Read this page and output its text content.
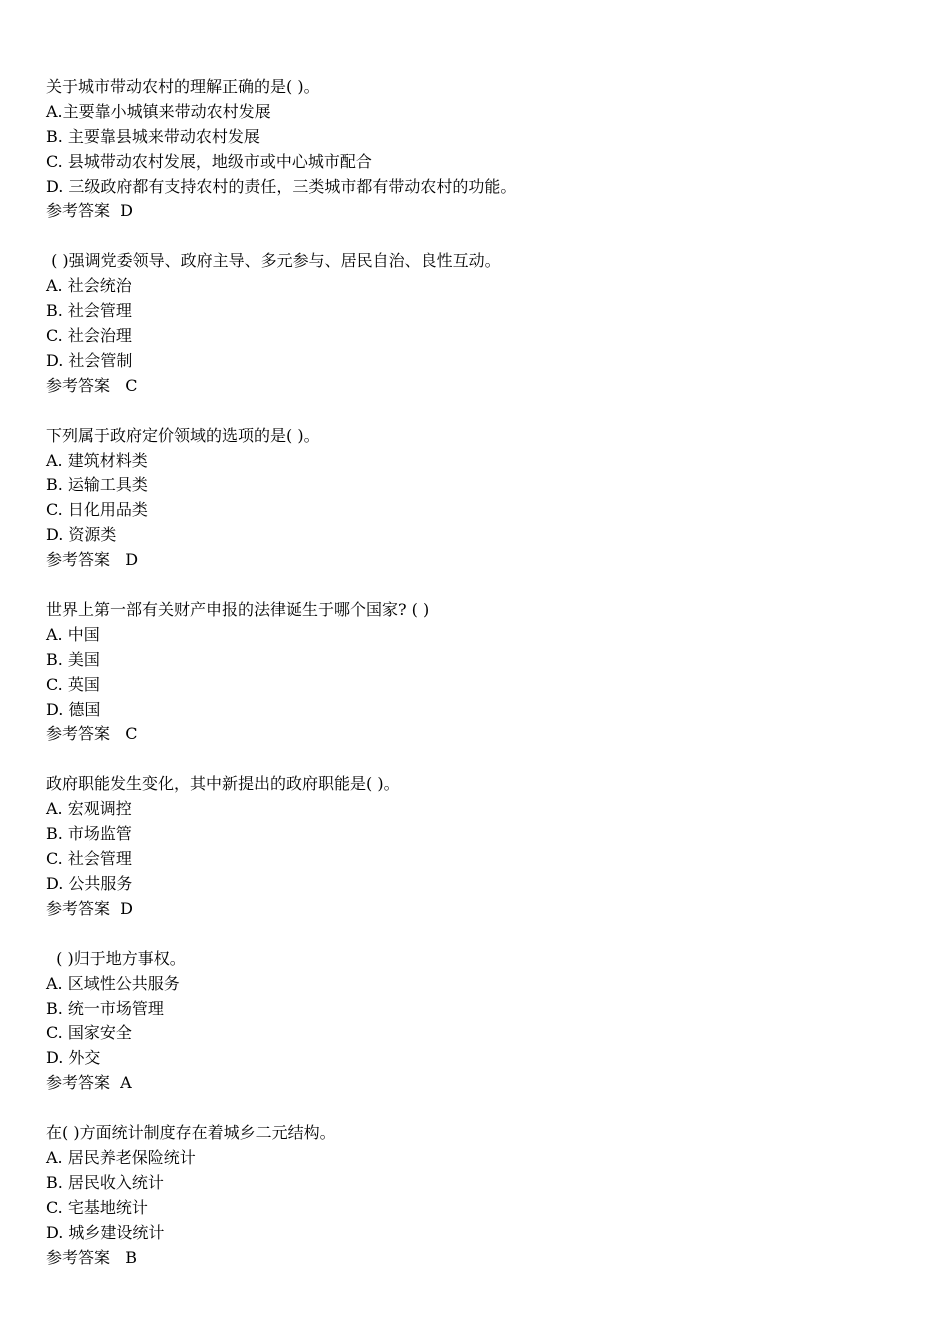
关于城市带动农村的理解正确的是( )。
A.主要靠小城镇来带动农村发展
B. 主要靠县城来带动农村发展
C. 县城带动农村发展，地级市或中心城市配合
D. 三级政府都有支持农村的责任，三类城市都有带动农村的功能。
参考答案  D
( )强调党委领导、政府主导、多元参与、居民自治、良性互动。
A. 社会统治
B. 社会管理
C. 社会治理
D. 社会管制
参考答案   C
下列属于政府定价领域的选项的是( )。
A. 建筑材料类
B. 运输工具类
C. 日化用品类
D. 资源类
参考答案   D
世界上第一部有关财产申报的法律诞生于哪个国家? ( )
A. 中国
B. 美国
C. 英国
D. 德国
参考答案   C
政府职能发生变化，其中新提出的政府职能是( )。
A. 宏观调控
B. 市场监管
C. 社会管理
D. 公共服务
参考答案  D
( )归于地方事权。
A. 区域性公共服务
B. 统一市场管理
C. 国家安全
D. 外交
参考答案  A
在( )方面统计制度存在着城乡二元结构。
A. 居民养老保险统计
B. 居民收入统计
C. 宅基地统计
D. 城乡建设统计
参考答案   B
